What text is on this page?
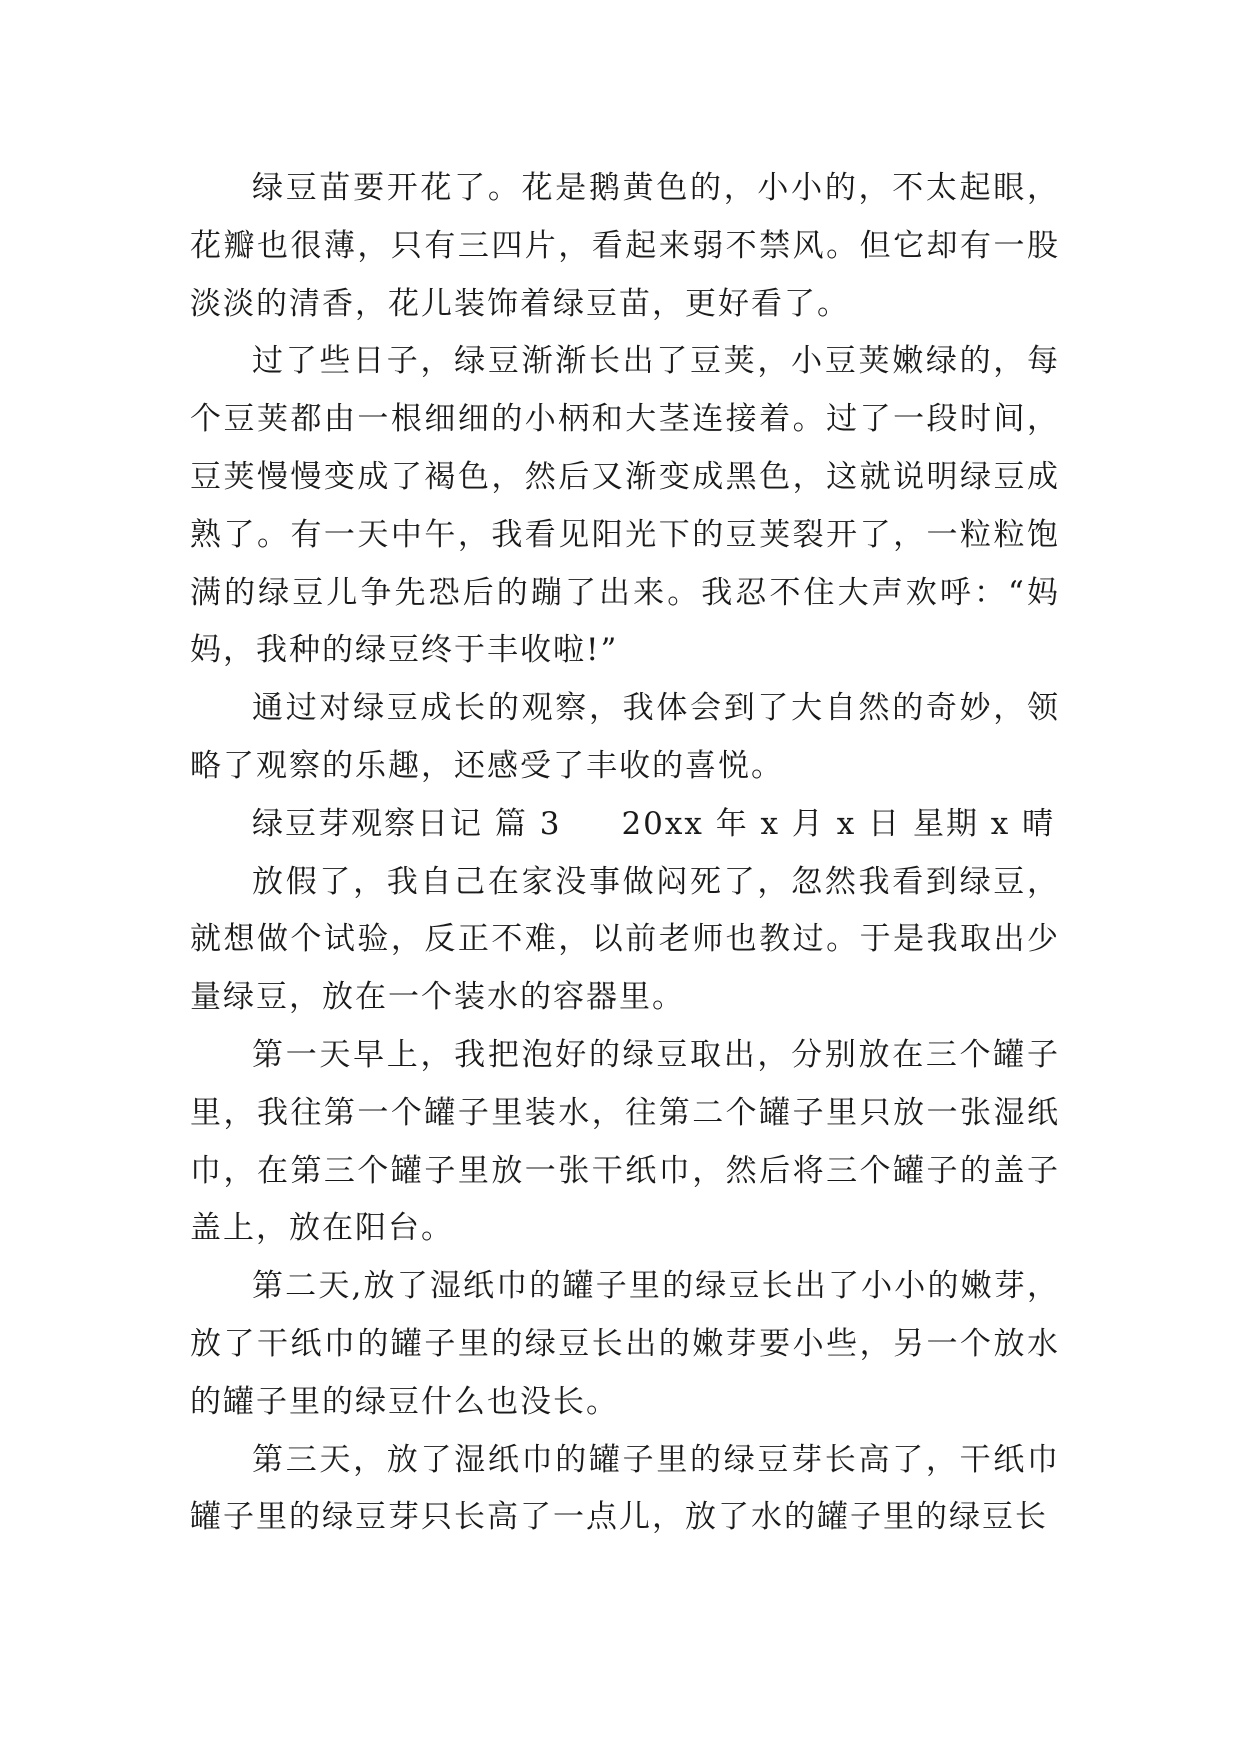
绿豆苗要开花了。花是鹅黄色的，小小的，不太起眼，花瓣也很薄，只有三四片，看起来弱不禁风。但它却有一股淡淡的清香，花儿装饰着绿豆苗，更好看了。

过了些日子，绿豆渐渐长出了豆荚，小豆荚嫩绿的，每个豆荚都由一根细细的小柄和大茎连接着。过了一段时间，豆荚慢慢变成了褐色，然后又渐变成黑色，这就说明绿豆成熟了。有一天中午，我看见阳光下的豆荚裂开了，一粒粒饱满的绿豆儿争先恐后的蹦了出来。我忍不住大声欢呼：“妈妈，我种的绿豆终于丰收啦!”

通过对绿豆成长的观察，我体会到了大自然的奇妙，领略了观察的乐趣，还感受了丰收的喜悦。

绿豆芽观察日记 篇 3 20xx 年 x 月 x 日 星期 x 晴

放假了，我自己在家没事做闷死了，忽然我看到绿豆，就想做个试验，反正不难，以前老师也教过。于是我取出少量绿豆，放在一个装水的容器里。

第一天早上，我把泡好的绿豆取出，分别放在三个罐子里，我往第一个罐子里装水，往第二个罐子里只放一张湿纸巾，在第三个罐子里放一张干纸巾，然后将三个罐子的盖子盖上，放在阳台。

第二天,放了湿纸巾的罐子里的绿豆长出了小小的嫩芽，放了干纸巾的罐子里的绿豆长出的嫩芽要小些，另一个放水的罐子里的绿豆什么也没长。

第三天，放了湿纸巾的罐子里的绿豆芽长高了，干纸巾罐子里的绿豆芽只长高了一点儿，放了水的罐子里的绿豆长
